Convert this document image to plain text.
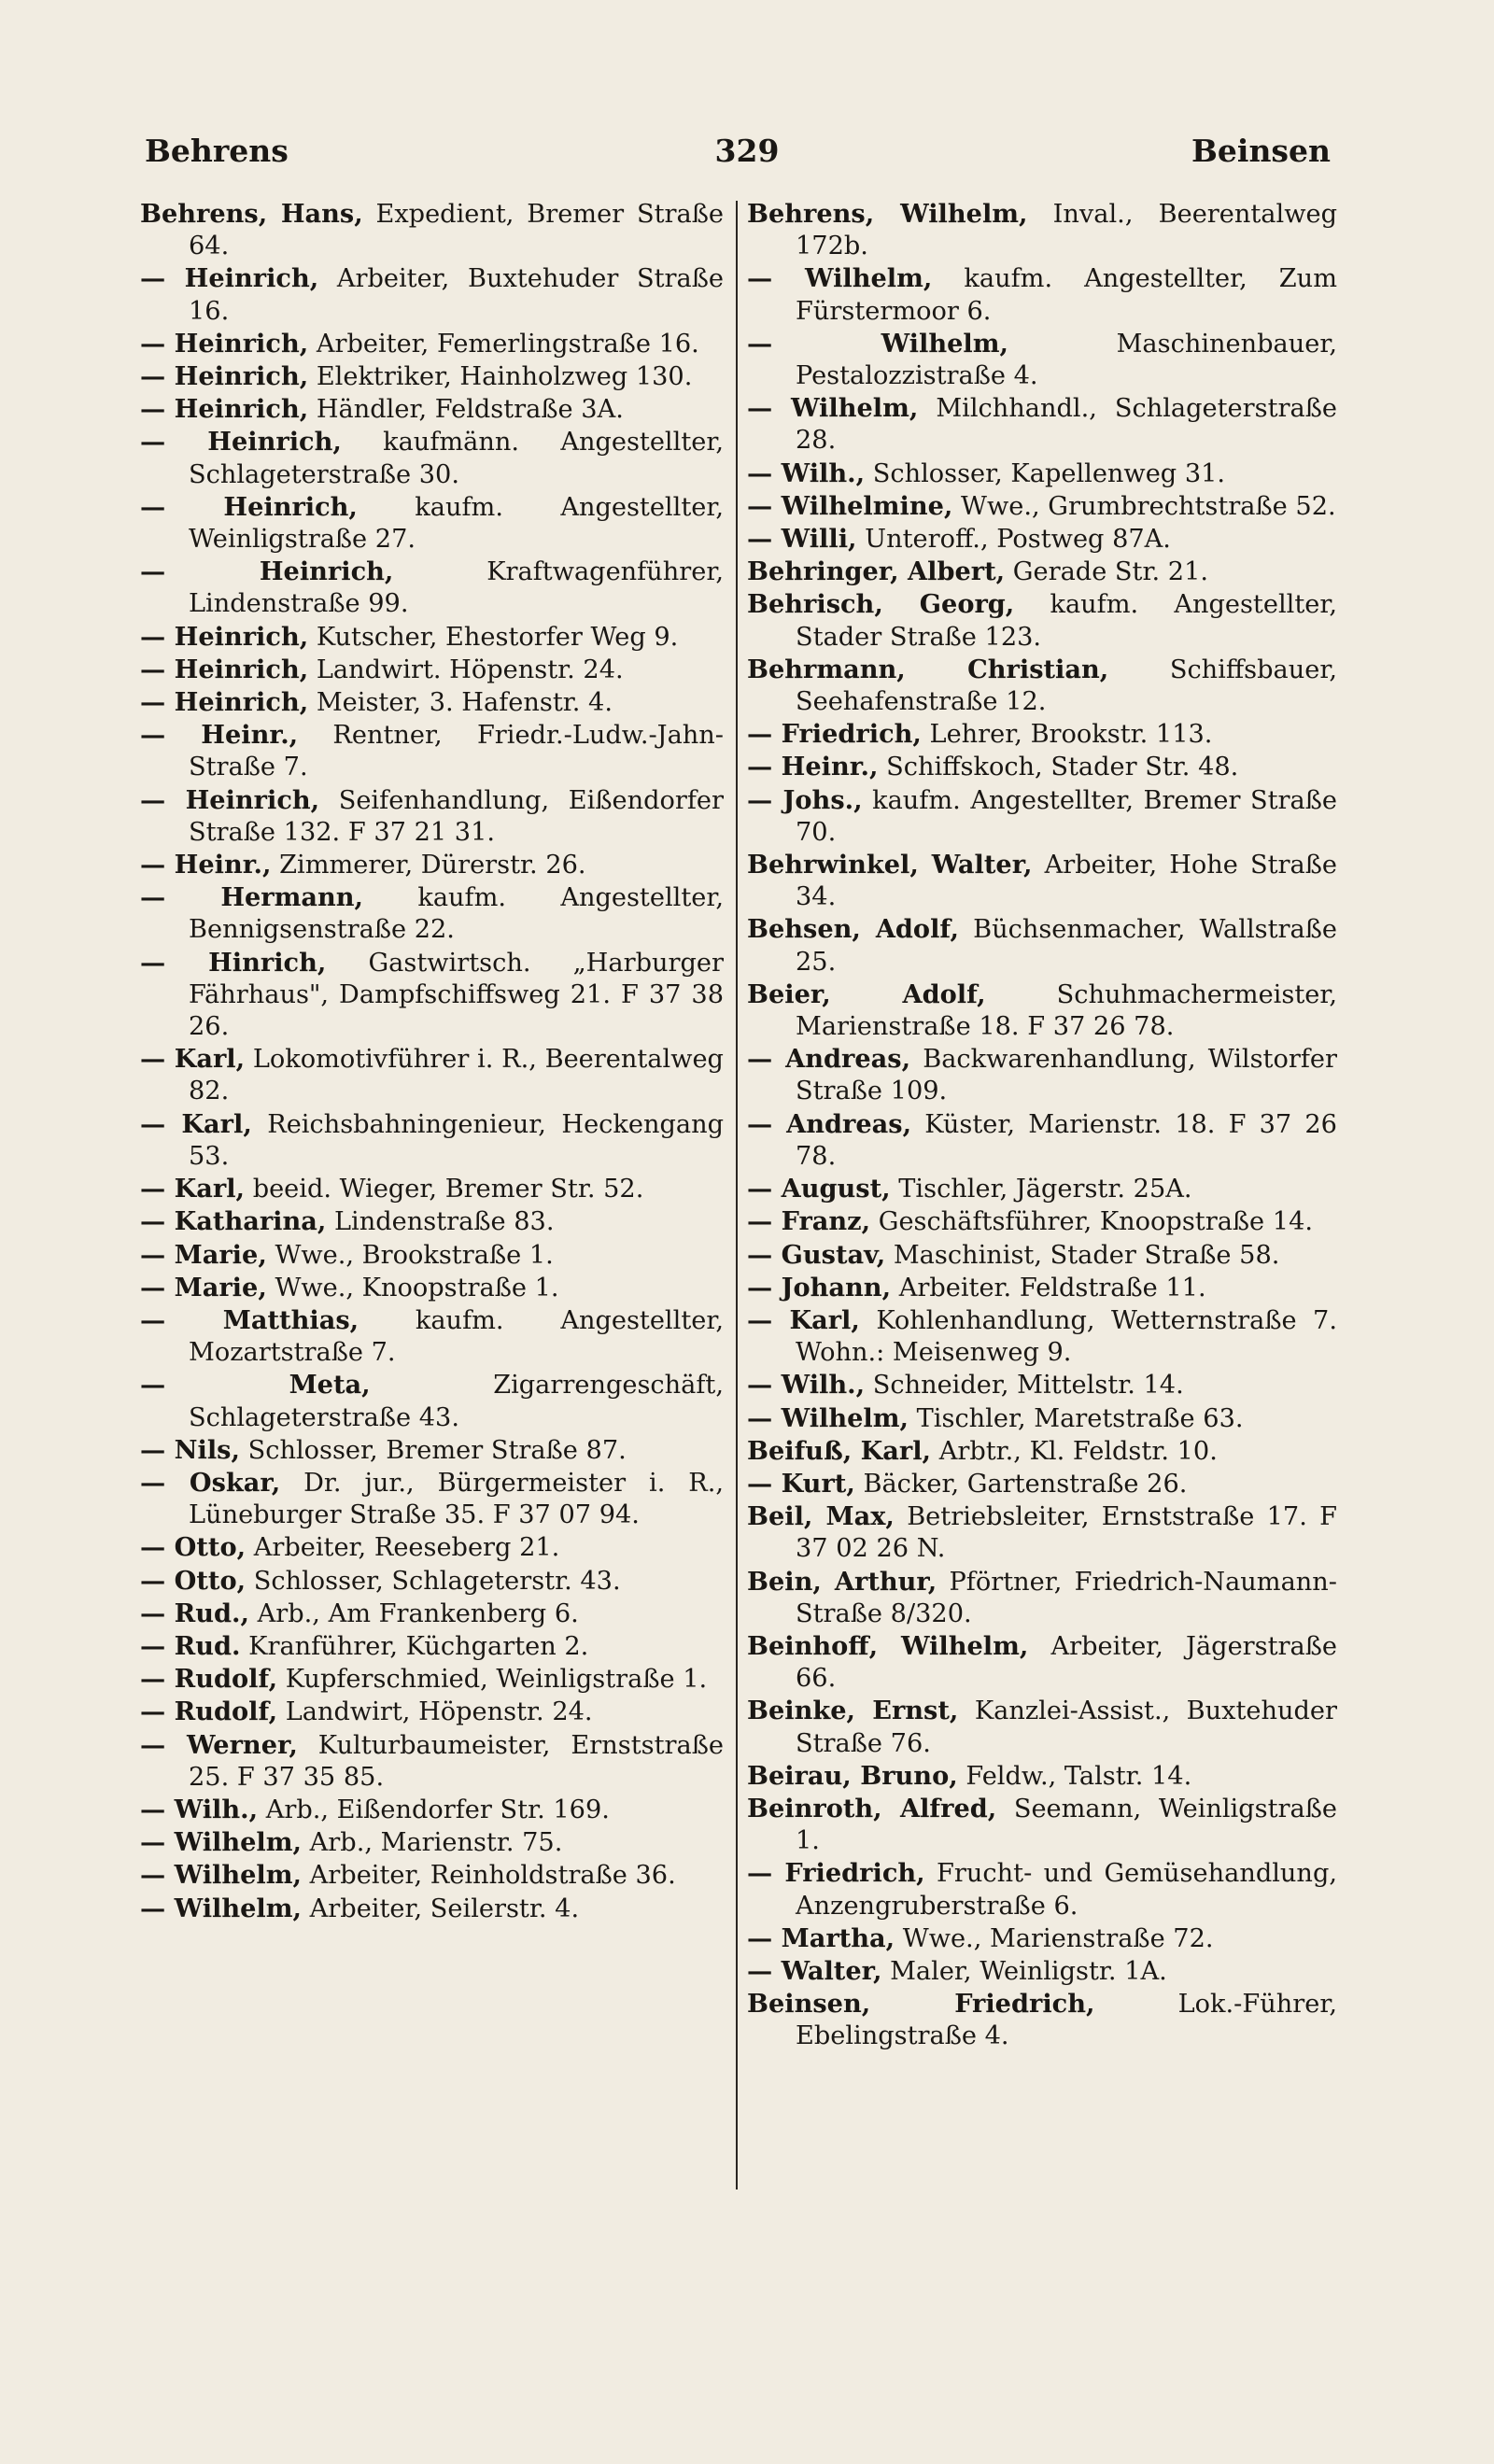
Behrens	329	Beinsen
Behrens, Hans, Expedient, Bremer Straße 64.
— Heinrich, Arbeiter, Buxtehuder Straße 16.
— Heinrich, Arbeiter, Femerlingstraße 16.
— Heinrich, Elektriker, Hainholzweg 130.
— Heinrich, Händler, Feldstraße 3A.
— Heinrich, kaufmänn. Angestellter, Schlageterstraße 30.
— Heinrich, kaufm. Angestellter, Weinligstraße 27.
— Heinrich,	Kraftwagenführer, Lindenstraße 99.
— Heinrich, Kutscher, Ehestorfer Weg 9.
— Heinrich, Landwirt. Höpenstr. 24.
— Heinrich, Meister, 3. Hafenstr. 4.
— Heinr., Rentner, Friedr.-Ludw.-Jahn-Straße 7.
— Heinrich, Seifenhandlung, Eißendorfer Straße 132. F 37 21 31.
— Heinr., Zimmerer, Dürerstr. 26.
— Hermann, kaufm. Angestellter, Bennigsenstraße 22.
— Hinrich, Gastwirtsch. „Harburger Fährhaus", Dampfschiffsweg 21. F 37 38 26.
— Karl, Lokomotivführer i. R., Beerentalweg 82.
— Karl, Reichsbahningenieur, Heckengang 53.
— Karl, beeid. Wieger, Bremer Str. 52.
— Katharina, Lindenstraße 83.
— Marie, Wwe., Brookstraße 1.
— Marie, Wwe., Knoopstraße 1.
— Matthias, kaufm. Angestellter, Mozartstraße 7.
— Meta,	Zigarrengeschäft, Schlageterstraße 43.
— Nils, Schlosser, Bremer Straße 87.
— Oskar, Dr. jur., Bürgermeister i. R., Lüneburger Straße 35. F 37 07 94.
— Otto, Arbeiter, Reeseberg 21.
— Otto, Schlosser, Schlageterstr. 43.
— Rud., Arb., Am Frankenberg 6.
— Rud. Kranführer, Küchgarten 2.
— Rudolf, Kupferschmied, Weinligstraße 1.
— Rudolf, Landwirt, Höpenstr. 24.
— Werner, Kulturbaumeister, Ernststraße 25. F 37 35 85.
— Wilh., Arb., Eißendorfer Str. 169.
— Wilhelm, Arb., Marienstr. 75.
— Wilhelm, Arbeiter, Reinholdstraße 36.
— Wilhelm, Arbeiter, Seilerstr. 4.
Behrens, Wilhelm, Inval., Beerentalweg 172b.
— Wilhelm, kaufm. Angestellter, Zum Fürstermoor 6.
— Wilhelm,	Maschinenbauer, Pestalozzistraße 4.
— Wilhelm, Milchhandl., Schlageterstraße 28.
— Wilh., Schlosser, Kapellenweg 31.
— Wilhelmine, Wwe., Grumbrechtstraße 52.
— Willi, Unteroff., Postweg 87A.
Behringer, Albert, Gerade Str. 21.
Behrisch, Georg, kaufm. Angestellter, Stader Straße 123.
Behrmann, Christian, Schiffsbauer, Seehafenstraße 12.
— Friedrich, Lehrer, Brookstr. 113.
— Heinr., Schiffskoch, Stader Str. 48.
— Johs., kaufm. Angestellter, Bremer Straße 70.
Behrwinkel, Walter, Arbeiter, Hohe Straße 34.
Behsen, Adolf, Büchsenmacher, Wallstraße 25.
Beier, Adolf,	Schuhmachermeister, Marienstraße 18. F 37 26 78.
— Andreas, Backwarenhandlung, Wilstorfer Straße 109.
— Andreas, Küster, Marienstr. 18. F 37 26 78.
— August, Tischler, Jägerstr. 25A.
— Franz, Geschäftsführer, Knoopstraße 14.
— Gustav, Maschinist, Stader Straße 58.
— Johann, Arbeiter. Feldstraße 11.
— Karl, Kohlenhandlung, Wetternstraße 7. Wohn.: Meisenweg 9.
— Wilh., Schneider, Mittelstr. 14.
— Wilhelm, Tischler, Maretstraße 63.
Beifuß, Karl, Arbtr., Kl. Feldstr. 10.
— Kurt, Bäcker, Gartenstraße 26.
Beil, Max, Betriebsleiter, Ernststraße 17. F 37 02 26 N.
Bein, Arthur, Pförtner, Friedrich-Naumann-Straße 8/320.
Beinhoff, Wilhelm, Arbeiter, Jägerstraße 66.
Beinke, Ernst, Kanzlei-Assist., Buxtehuder Straße 76.
Beirau, Bruno, Feldw., Talstr. 14.
Beinroth, Alfred, Seemann, Weinligstraße 1.
— Friedrich, Frucht- und Gemüsehandlung, Anzengruberstraße 6.
— Martha, Wwe., Marienstraße 72.
— Walter, Maler, Weinligstr. 1A.
Beinsen, Friedrich,	Lok.-Führer, Ebelingstraße 4.
